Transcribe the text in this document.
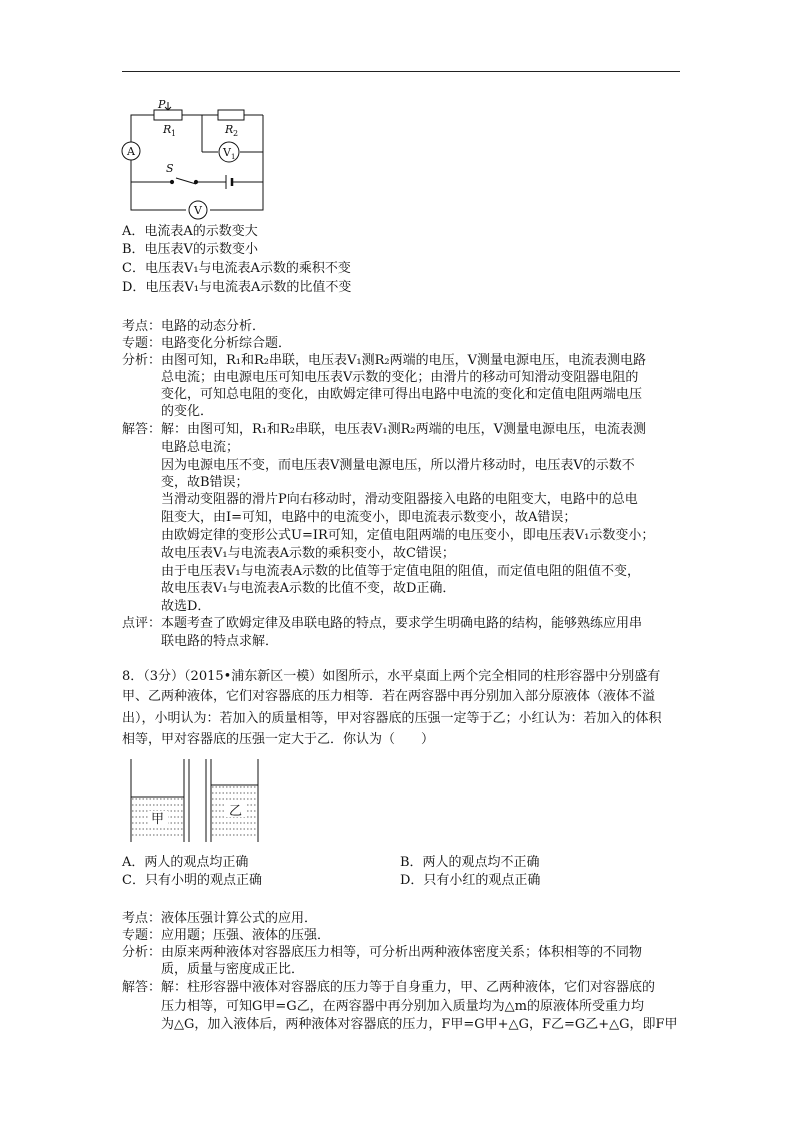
P
R 1	R 2
S
A	V 1
V
A．电流表A的示数变大
B．电压表V的示数变小
C．电压表V₁与电流表A示数的乘积不变
D．电压表V₁与电流表A示数的比值不变
考点：电路的动态分析．
专题：电路变化分析综合题．
分析：由图可知，R₁和R₂串联，电压表V₁测R₂两端的电压，V测量电源电压，电流表测电路
　　　总电流；由电源电压可知电压表V示数的变化；由滑片的移动可知滑动变阻器电阻的
　　　变化，可知总电阻的变化，由欧姆定律可得出电路中电流的变化和定值电阻两端电压
　　　的变化．
解答：解：由图可知，R₁和R₂串联，电压表V₁测R₂两端的电压，V测量电源电压，电流表测
　　　电路总电流；
　　　因为电源电压不变，而电压表V测量电源电压，所以滑片移动时，电压表V的示数不
　　　变，故B错误；
　　　当滑动变阻器的滑片P向右移动时，滑动变阻器接入电路的电阻变大，电路中的总电
　　　阻变大，由I=可知，电路中的电流变小，即电流表示数变小，故A错误；
　　　由欧姆定律的变形公式U=IR可知，定值电阻两端的电压变小，即电压表V₁示数变小；
　　　故电压表V₁与电流表A示数的乘积变小，故C错误；
　　　由于电压表V₁与电流表A示数的比值等于定值电阻的阻值，而定值电阻的阻值不变，
　　　故电压表V₁与电流表A示数的比值不变，故D正确．
　　　故选D．
点评：本题考查了欧姆定律及串联电路的特点，要求学生明确电路的结构，能够熟练应用串
　　　联电路的特点求解．
8．（3分）（2015•浦东新区一模）如图所示，水平桌面上两个完全相同的柱形容器中分别盛有
甲、乙两种液体，它们对容器底的压力相等．若在两容器中再分别加入部分原液体（液体不溢
出），小明认为：若加入的质量相等，甲对容器底的压强一定等于乙；小红认为：若加入的体积
相等，甲对容器底的压强一定大于乙．你认为（　　）
甲
乙
A．两人的观点均正确	B．两人的观点均不正确
C．只有小明的观点正确	D．只有小红的观点正确
考点：液体压强计算公式的应用．
专题：应用题；压强、液体的压强．
分析：由原来两种液体对容器底压力相等，可分析出两种液体密度关系；体积相等的不同物
　　　质，质量与密度成正比．
解答：解：柱形容器中液体对容器底的压力等于自身重力，甲、乙两种液体，它们对容器底的
　　　压力相等，可知G甲=G乙，在两容器中再分别加入质量均为△m的原液体所受重力均
　　　为△G，加入液体后，两种液体对容器底的压力，F甲=G甲+△G，F乙=G乙+△G，即F甲
